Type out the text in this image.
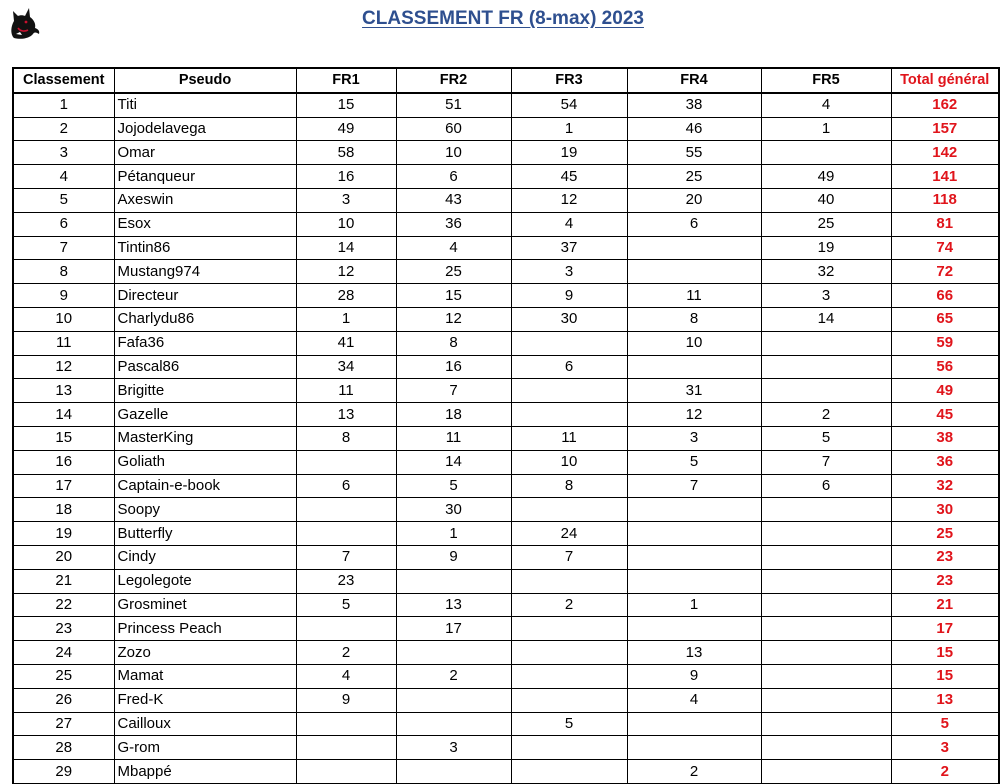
CLASSEMENT FR (8-max) 2023
Classement	Pseudo	FR1	FR2	FR3	FR4	FR5	Total général
1	Titi	15	51	54	38	4	162
2	Jojodelavega	49	60	1	46	1	157
3	Omar	58	10	19	55		142
4	Pétanqueur	16	6	45	25	49	141
5	Axeswin	3	43	12	20	40	118
6	Esox	10	36	4	6	25	81
7	Tintin86	14	4	37		19	74
8	Mustang974	12	25	3		32	72
9	Directeur	28	15	9	11	3	66
10	Charlydu86	1	12	30	8	14	65
11	Fafa36	41	8		10		59
12	Pascal86	34	16	6			56
13	Brigitte	11	7		31		49
14	Gazelle	13	18		12	2	45
15	MasterKing	8	11	11	3	5	38
16	Goliath		14	10	5	7	36
17	Captain-e-book	6	5	8	7	6	32
18	Soopy		30				30
19	Butterfly		1	24			25
20	Cindy	7	9	7			23
21	Legolegote	23					23
22	Grosminet	5	13	2	1		21
23	Princess Peach		17				17
24	Zozo	2			13		15
25	Mamat	4	2		9		15
26	Fred-K	9			4		13
27	Cailloux			5			5
28	G-rom		3				3
29	Mbappé				2		2
